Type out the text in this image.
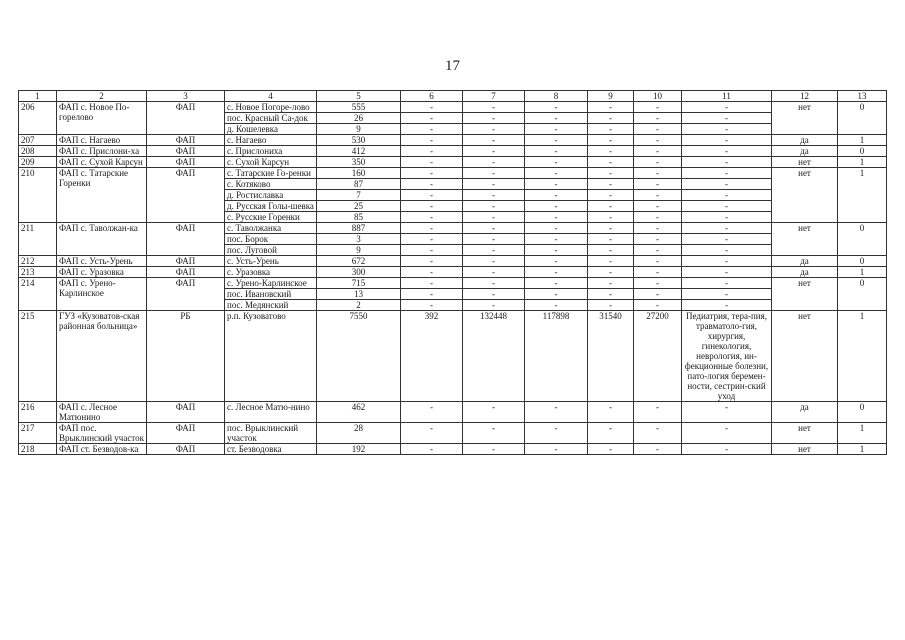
17
1	2	3	4	5	6	7	8	9	10	11	12	13
206	ФАП с. Новое По-горелово	ФАП	с. Новое Погоре-лово	555	-	-	-	-	-	-	нет	0
			пос. Красный Са-док	26	-	-	-	-	-	-		
			д. Кошелевка	9	-	-	-	-	-	-		
207	ФАП с. Нагаево	ФАП	с. Нагаево	530	-	-	-	-	-	-	да	1
208	ФАП с. Прислони-ха	ФАП	с. Прислониха	412	-	-	-	-	-	-	да	0
209	ФАП с. Сухой Карсун	ФАП	с. Сухой Карсун	350	-	-	-	-	-	-	нет	1
210	ФАП с. Татарские Горенки	ФАП	с. Татарские Го-ренки	160	-	-	-	-	-	-	нет	1
			с. Котяково	87	-	-	-	-	-	-		
			д. Ростиславка	7	-	-	-	-	-	-		
			д. Русская Голы-шевка	25	-	-	-	-	-	-		
			с. Русские Горенки	85	-	-	-	-	-	-		
211	ФАП с. Таволжан-ка	ФАП	с. Таволжанка	887	-	-	-	-	-	-	нет	0
			пос. Борок	3	-	-	-	-	-	-		
			пос. Луговой	9	-	-	-	-	-	-		
212	ФАП с. Усть-Урень	ФАП	с. Усть-Урень	672	-	-	-	-	-	-	да	0
213	ФАП с. Уразовка	ФАП	с. Уразовка	300	-	-	-	-	-	-	да	1
214	ФАП с. Урено-Карлинское	ФАП	с. Урено-Карлинское	715	-	-	-	-	-	-	нет	0
			пос. Ивановский	13	-	-	-	-	-	-		
			пос. Медянский	2	-	-	-	-	-	-		
215	ГУЗ «Кузоватов-ская районная больница»	РБ	р.п. Кузоватово	7550	392	132448	117898	31540	27200	Педиатрия, тера-пия, травматоло-гия, хирургия, гинекология, неврология, ин-фекционные болезни, пато-логия беремен-ности, сестрин-ский уход	нет	1
216	ФАП с. Лесное Матюнино	ФАП	с. Лесное Матю-нино	462	-	-	-	-	-	-	да	0
217	ФАП пос. Врыклинский участок	ФАП	пос. Врыклинский участок	28	-	-	-	-	-	-	нет	1
218	ФАП ст. Безводов-ка	ФАП	ст. Безводовка	192	-	-	-	-	-	-	нет	1
